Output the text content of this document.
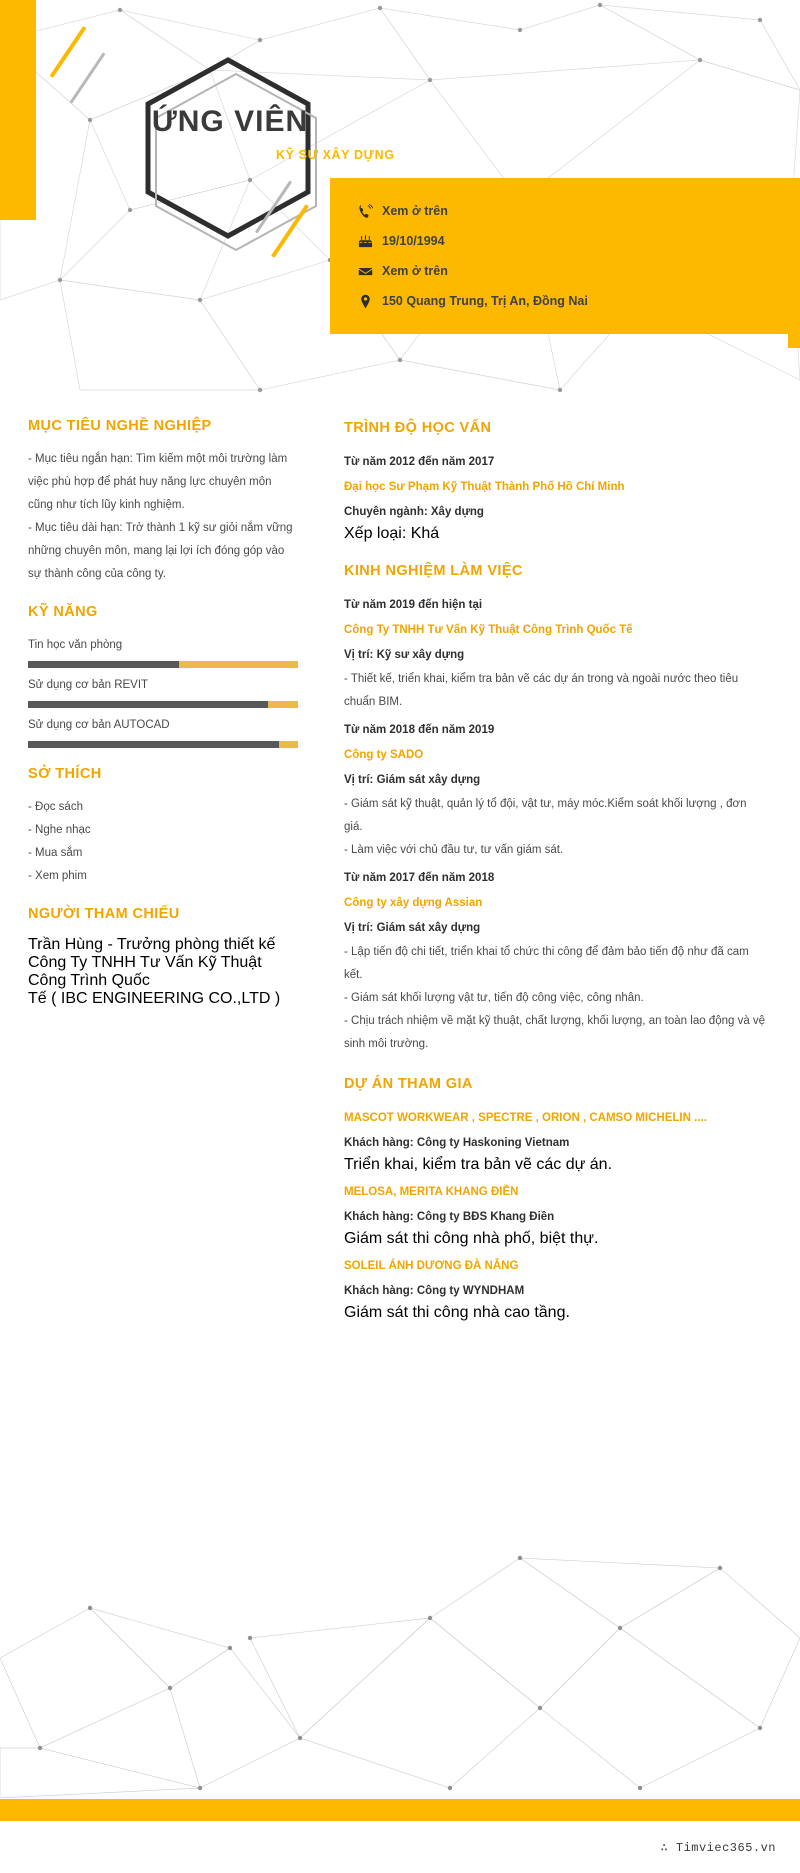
ỨNG VIÊN
KỸ SƯ XÂY DỰNG
Xem ở trên
19/10/1994
Xem ở trên
150 Quang Trung, Trị An, Đồng Nai
MỤC TIÊU NGHỀ NGHIỆP

- Mục tiêu ngắn hạn: Tìm kiếm một môi trường làm việc phù hợp để phát huy năng lực chuyên môn cũng như tích lũy kinh nghiệm.

- Mục tiêu dài hạn: Trở thành 1 kỹ sư giỏi nắm vững những chuyên môn, mang lại lợi ích đóng góp vào sự thành công của công ty.

KỸ NĂNG
Tin học văn phòng
Sử dụng cơ bản REVIT
Sử dụng cơ bản AUTOCAD
SỞ THÍCH
- Đọc sách
- Nghe nhạc
- Mua sắm
- Xem phim
NGƯỜI THAM CHIẾU
Trần Hùng - Trưởng phòng thiết kế
Công Ty TNHH Tư Vấn Kỹ Thuật Công Trình Quốc
Tế ( IBC ENGINEERING CO.,LTD )
TRÌNH ĐỘ HỌC VẤN
Từ năm 2012 đến năm 2017
Đại học Sư Phạm Kỹ Thuật Thành Phố Hồ Chí Minh
Chuyên ngành: Xây dựng
Xếp loại: Khá
KINH NGHIỆM LÀM VIỆC
Từ năm 2019 đến hiện tại
Công Ty TNHH Tư Vấn Kỹ Thuật Công Trình Quốc Tế
Vị trí: Kỹ sư xây dựng

- Thiết kế, triển khai, kiểm tra bản vẽ các dự án trong và ngoài nước theo tiêu chuẩn BIM.

Từ năm 2018 đến năm 2019
Công ty SADO
Vị trí: Giám sát xây dựng

- Giám sát kỹ thuật, quản lý tổ đội, vật tư, máy móc.Kiểm soát khối lượng , đơn giá.

- Làm việc với chủ đầu tư, tư vấn giám sát.

Từ năm 2017 đến năm 2018
Công ty xây dựng Assian
Vị trí: Giám sát xây dựng

- Lập tiến độ chi tiết, triển khai tổ chức thi công để đảm bảo tiến độ như đã cam kết.

- Giám sát khối lượng vật tư, tiến độ công việc, công nhân.

- Chịu trách nhiệm về mặt kỹ thuật, chất lượng, khối lượng, an toàn lao động và vệ sinh môi trường.

DỰ ÁN THAM GIA
MASCOT WORKWEAR , SPECTRE , ORION , CAMSO MICHELIN ....
Khách hàng: Công ty Haskoning Vietnam
Triển khai, kiểm tra bản vẽ các dự án.
MELOSA, MERITA KHANG ĐIỀN
Khách hàng: Công ty BĐS Khang Điền
Giám sát thi công nhà phố, biệt thự.
SOLEIL ÁNH DƯƠNG ĐÀ NẴNG
Khách hàng: Công ty WYNDHAM
Giám sát thi công nhà cao tầng.
∴ Timviec365.vn
